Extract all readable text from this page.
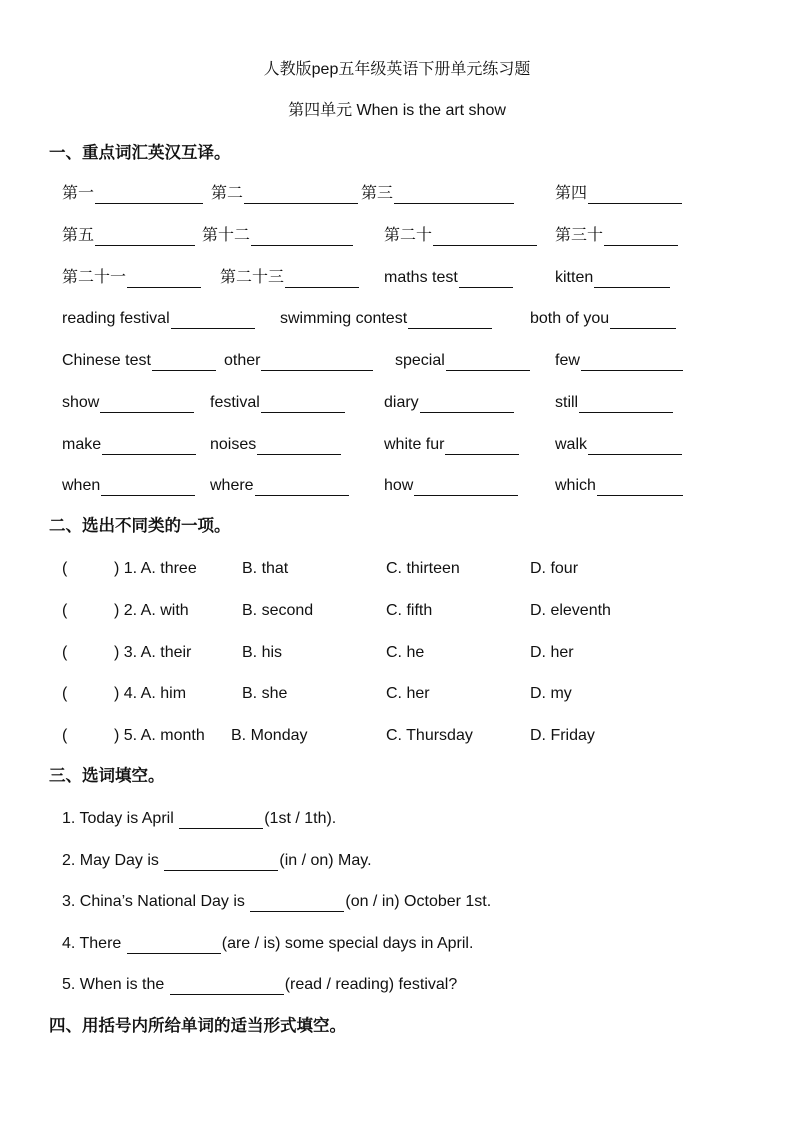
人教版pep五年级英语下册单元练习题
第四单元 When is the art show
一、重点词汇英汉互译。
第一	第二	第三	第四
第五	第十二	第二十	第三十
第二十一	第二十三	maths test	kitten
reading festival	swimming contest	both of you
Chinese test	other	special	few
show	festival	diary	still
make	noises	white fur	walk
when	where	how	which
二、选出不同类的一项。
(	) 1. A. three	B. that	C. thirteen	D. four
(	) 2. A. with	B. second	C. fifth	D. eleventh
(	) 3. A. their	B. his	C. he	D. her
(	) 4. A. him	B. she	C. her	D. my
(	) 5. A. month B. Monday	C. Thursday	D. Friday
三、选词填空。
1. Today is April	(1st / 1th).
2. May Day is	(in / on) May.
3. China’s National Day is	(on / in) October 1st.
4. There	(are / is) some special days in April.
5. When is the	(read / reading) festival?
四、用括号内所给单词的适当形式填空。
